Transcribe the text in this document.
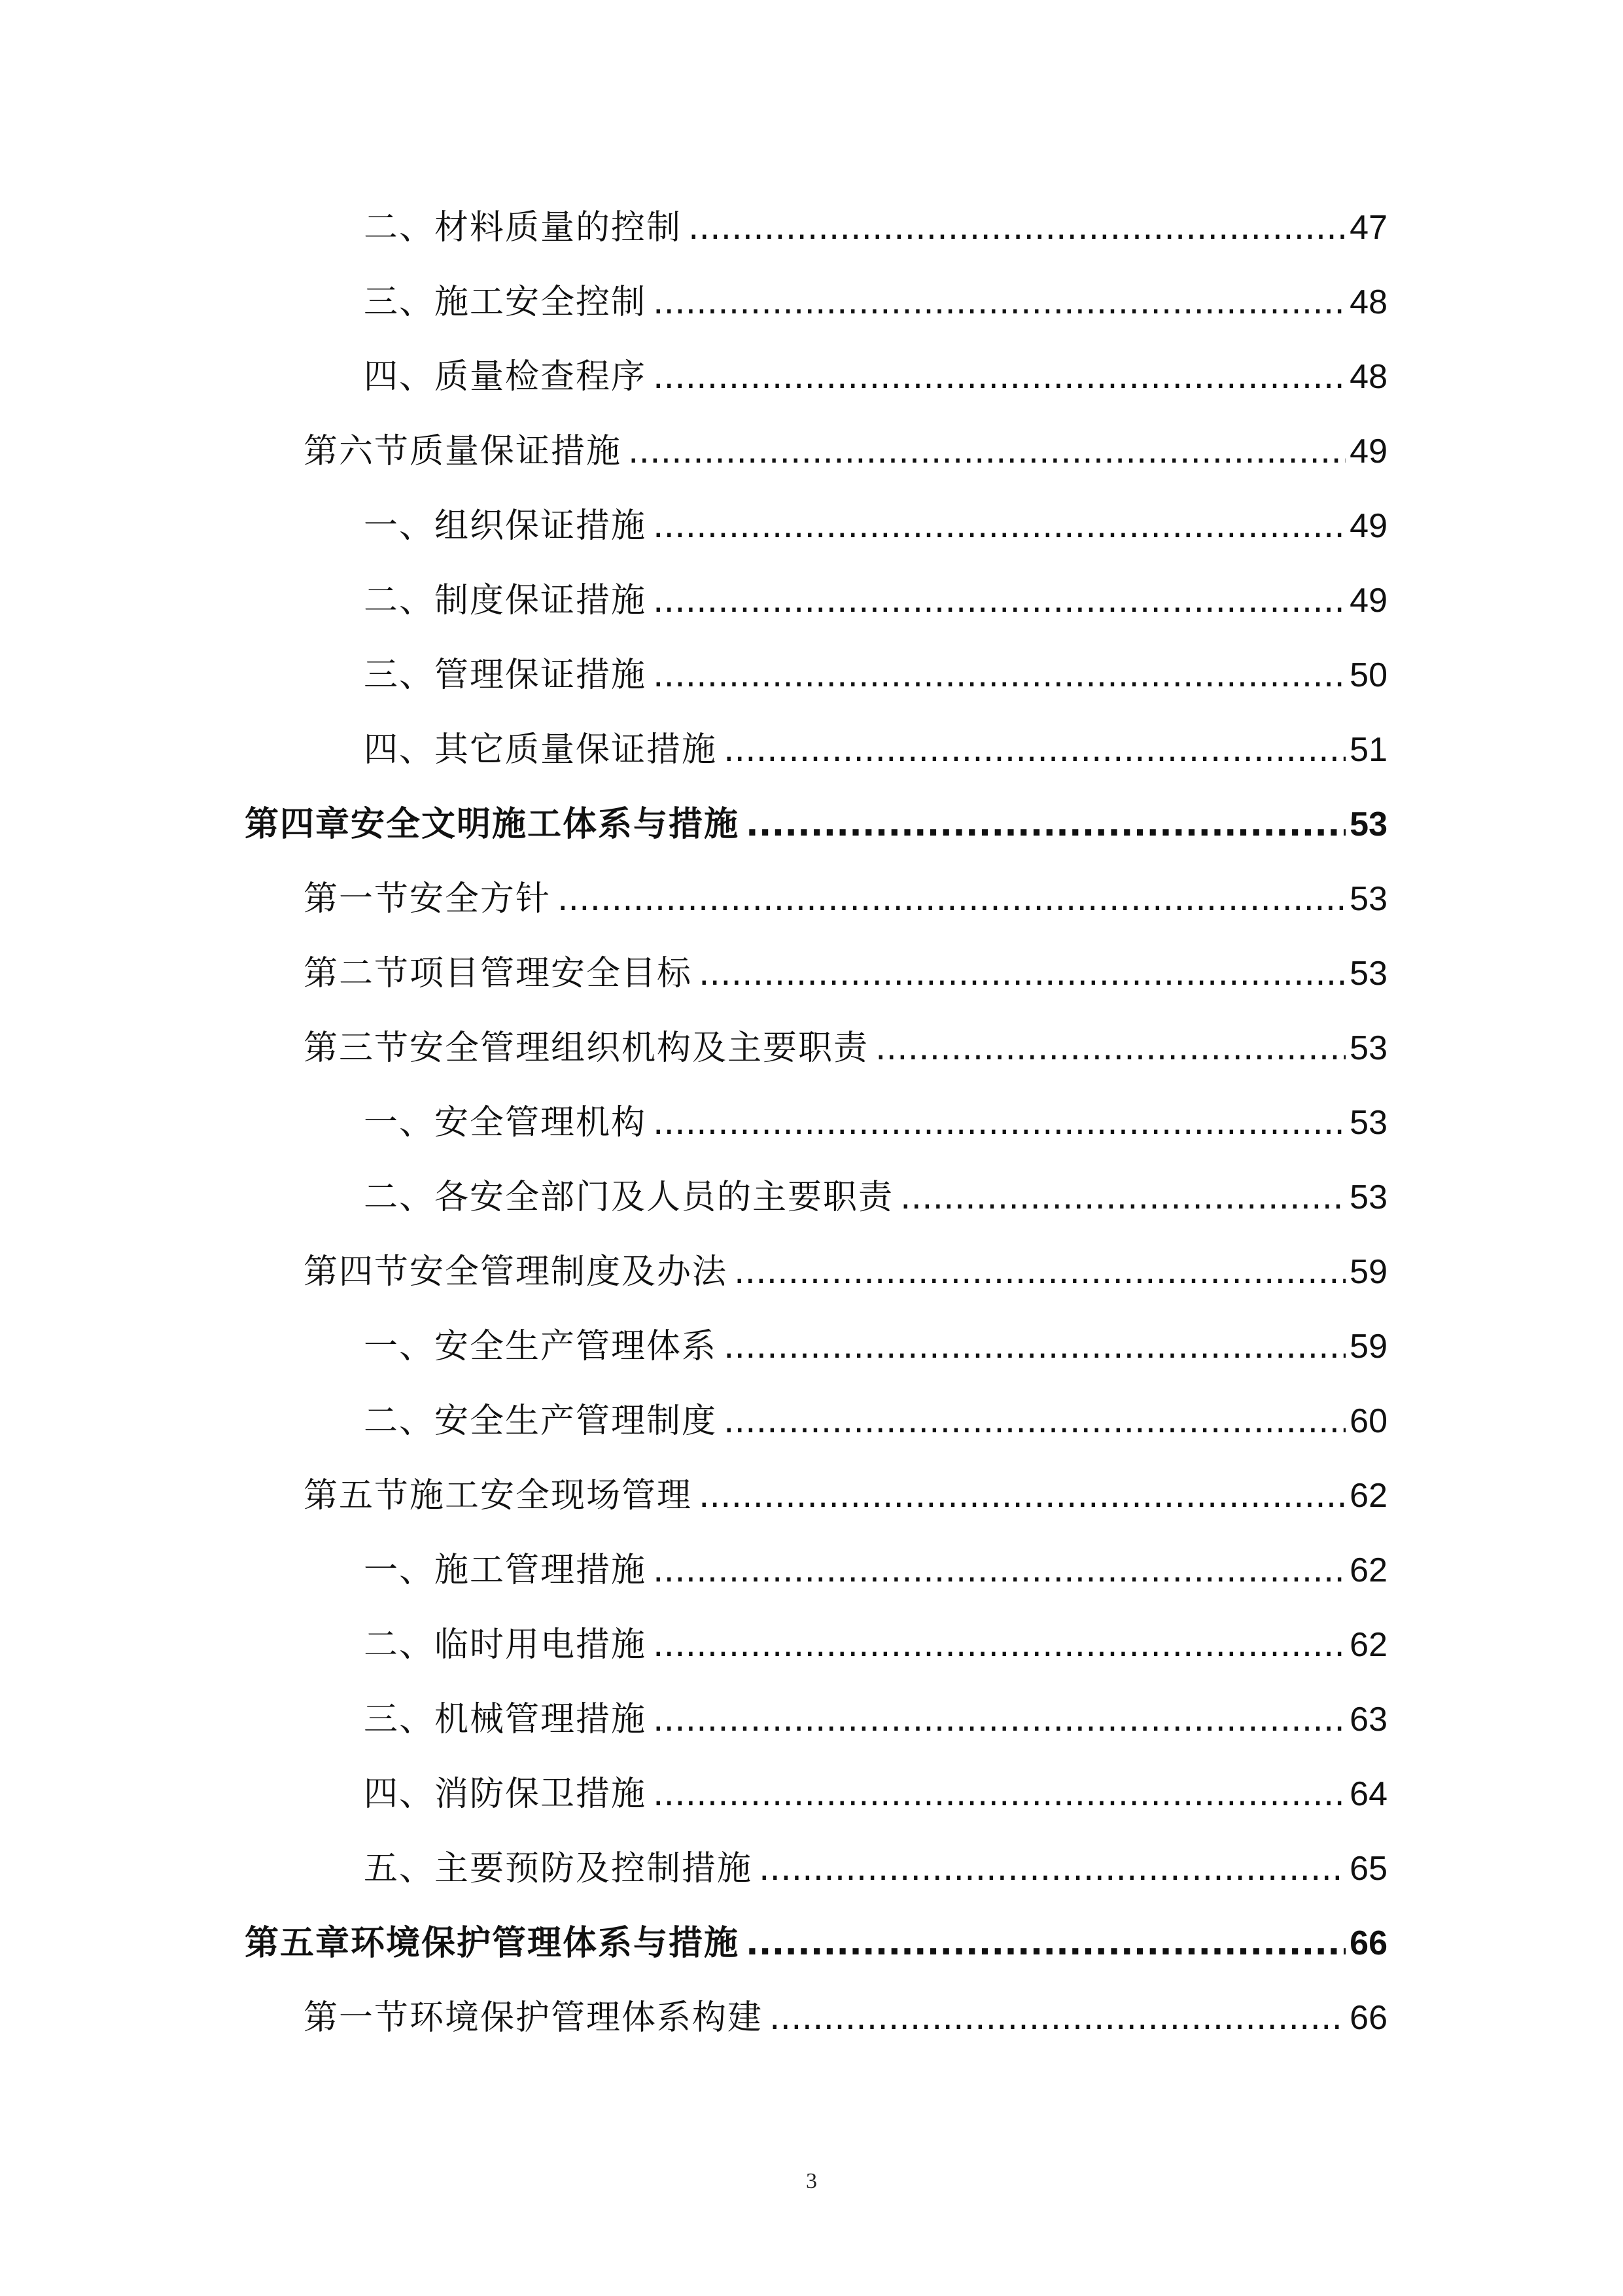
二、 材料质量的控制 .....	47
三、 施工安全控制 .....	48
四、 质量检查程序 .....	48
第六节 质量保证措施 .....	49
一、 组织保证措施 .....	49
二、 制度保证措施 .....	49
三、 管理保证措施 .....	50
四、 其它质量保证措施 .....	51
第四章 安全文明施工体系与措施 .....	53
第一节 安全方针 .....	53
第二节 项目管理安全目标 .....	53
第三节 安全管理组织机构及主要职责 .....	53
一、 安全管理机构 .....	53
二、 各安全部门及人员的主要职责 .....	53
第四节 安全管理制度及办法 .....	59
一、 安全生产管理体系 .....	59
二、 安全生产管理制度 .....	60
第五节 施工安全现场管理 .....	62
一、 施工管理措施 .....	62
二、 临时用电措施 .....	62
三、 机械管理措施 .....	63
四、 消防保卫措施 .....	64
五、 主要预防及控制措施 .....	65
第五章 环境保护管理体系与措施 .....	66
第一节 环境保护管理体系构建 .....	66
3
